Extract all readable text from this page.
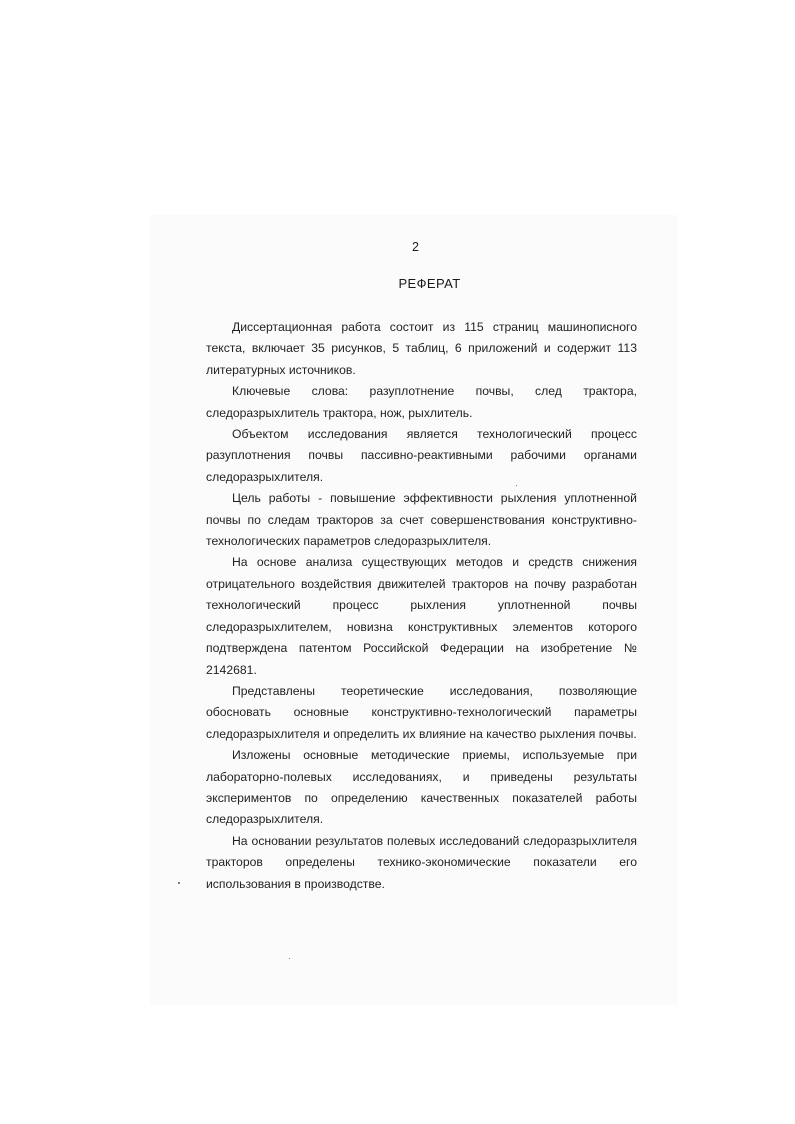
2
РЕФЕРАТ

Диссертационная работа состоит из 115 страниц машинописного текста, включает 35 рисунков, 5 таблиц, 6 приложений и содержит 113 литературных источников.

Ключевые слова: разуплотнение почвы, след трактора, следоразрыхлитель трактора, нож, рыхлитель.

Объектом исследования является технологический процесс разуплотнения почвы пассивно-реактивными рабочими органами следоразрыхлителя.

Цель работы - повышение эффективности рыхления уплотненной почвы по следам тракторов за счет совершенствования конструктивно-технологических параметров следоразрыхлителя.

На основе анализа существующих методов и средств снижения отрицательного воздействия движителей тракторов на почву разработан технологический процесс рыхления уплотненной почвы следоразрыхлителем, новизна конструктивных элементов которого подтверждена патентом Российской Федерации на изобретение № 2142681.

Представлены теоретические исследования, позволяющие обосновать основные конструктивно-технологический параметры следоразрыхлителя и определить их влияние на качество рыхления почвы.

Изложены основные методические приемы, используемые при лабораторно-полевых исследованиях, и приведены результаты экспериментов по определению качественных показателей работы следоразрыхлителя.

На основании результатов полевых исследований следоразрыхлителя тракторов определены технико-экономические показатели его использования в производстве.
